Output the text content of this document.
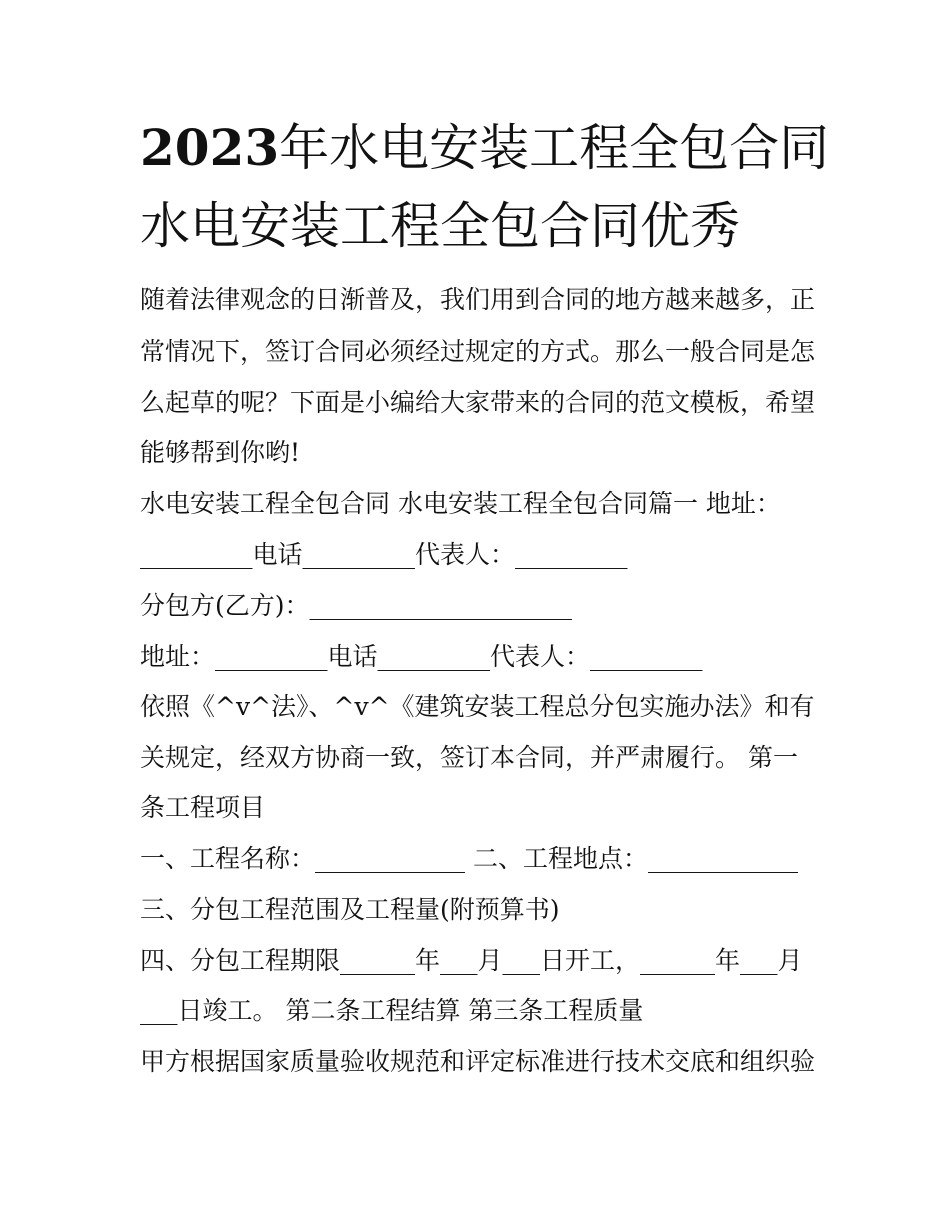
2023年水电安装工程全包合同
水电安装工程全包合同优秀
随着法律观念的日渐普及，我们用到合同的地方越来越多，正
常情况下，签订合同必须经过规定的方式。那么一般合同是怎
么起草的呢？下面是小编给大家带来的合同的范文模板，希望
能够帮到你哟!
水电安装工程全包合同 水电安装工程全包合同篇一 地址：
_________电话_________代表人：_________
分包方(乙方)：_____________________
地址：_________电话_________代表人：_________
依照《^v^法》、^v^《建筑安装工程总分包实施办法》和有
关规定，经双方协商一致，签订本合同，并严肃履行。 第一
条工程项目
一、工程名称：____________ 二、工程地点：____________
三、分包工程范围及工程量(附预算书)
四、分包工程期限______年___月___日开工，______年___月
___日竣工。 第二条工程结算 第三条工程质量
甲方根据国家质量验收规范和评定标准进行技术交底和组织验
